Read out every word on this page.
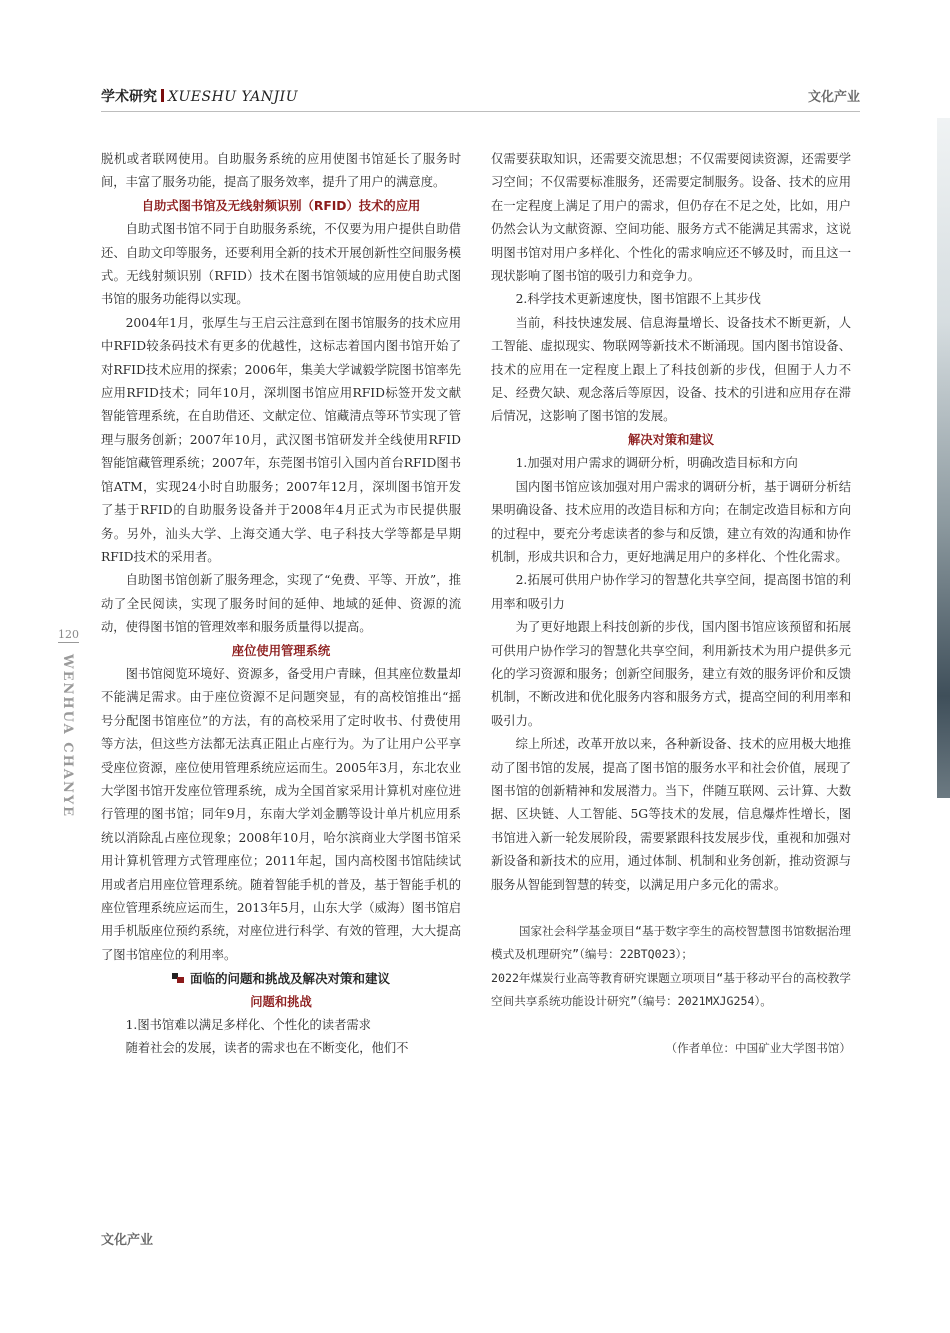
学术研究 XUESHU YANJIU	文化产业
120
WENHUA CHANYE

脱机或者联网使用。自助服务系统的应用使图书馆延长了服务时间，丰富了服务功能，提高了服务效率，提升了用户的满意度。

自助式图书馆及无线射频识别（RFID）技术的应用

自助式图书馆不同于自助服务系统，不仅要为用户提供自助借还、自助文印等服务，还要利用全新的技术开展创新性空间服务模式。无线射频识别（RFID）技术在图书馆领域的应用使自助式图书馆的服务功能得以实现。

2004年1月，张厚生与王启云注意到在图书馆服务的技术应用中RFID较条码技术有更多的优越性，这标志着国内图书馆开始了对RFID技术应用的探索；2006年，集美大学诚毅学院图书馆率先应用RFID技术；同年10月，深圳图书馆应用RFID标签开发文献智能管理系统，在自助借还、文献定位、馆藏清点等环节实现了管理与服务创新；2007年10月，武汉图书馆研发并全线使用RFID智能馆藏管理系统；2007年，东莞图书馆引入国内首台RFID图书馆ATM，实现24小时自助服务；2007年12月，深圳图书馆开发了基于RFID的自助服务设备并于2008年4月正式为市民提供服务。另外，汕头大学、上海交通大学、电子科技大学等都是早期RFID技术的采用者。

自助图书馆创新了服务理念，实现了“免费、平等、开放”，推动了全民阅读，实现了服务时间的延伸、地域的延伸、资源的流动，使得图书馆的管理效率和服务质量得以提高。

座位使用管理系统

图书馆阅览环境好、资源多，备受用户青睐，但其座位数量却不能满足需求。由于座位资源不足问题突显，有的高校馆推出“摇号分配图书馆座位”的方法，有的高校采用了定时收书、付费使用等方法，但这些方法都无法真正阻止占座行为。为了让用户公平享受座位资源，座位使用管理系统应运而生。2005年3月，东北农业大学图书馆开发座位管理系统，成为全国首家采用计算机对座位进行管理的图书馆；同年9月，东南大学刘金鹏等设计单片机应用系统以消除乱占座位现象；2008年10月，哈尔滨商业大学图书馆采用计算机管理方式管理座位；2011年起，国内高校图书馆陆续试用或者启用座位管理系统。随着智能手机的普及，基于智能手机的座位管理系统应运而生，2013年5月，山东大学（威海）图书馆启用手机版座位预约系统，对座位进行科学、有效的管理，大大提高了图书馆座位的利用率。

面临的问题和挑战及解决对策和建议
问题和挑战

1.图书馆难以满足多样化、个性化的读者需求

随着社会的发展，读者的需求也在不断变化，他们不

仅需要获取知识，还需要交流思想；不仅需要阅读资源，还需要学习空间；不仅需要标准服务，还需要定制服务。设备、技术的应用在一定程度上满足了用户的需求，但仍存在不足之处，比如，用户仍然会认为文献资源、空间功能、服务方式不能满足其需求，这说明图书馆对用户多样化、个性化的需求响应还不够及时，而且这一现状影响了图书馆的吸引力和竞争力。

2.科学技术更新速度快，图书馆跟不上其步伐

当前，科技快速发展、信息海量增长、设备技术不断更新，人工智能、虚拟现实、物联网等新技术不断涌现。国内图书馆设备、技术的应用在一定程度上跟上了科技创新的步伐，但囿于人力不足、经费欠缺、观念落后等原因，设备、技术的引进和应用存在滞后情况，这影响了图书馆的发展。

解决对策和建议

1.加强对用户需求的调研分析，明确改造目标和方向

国内图书馆应该加强对用户需求的调研分析，基于调研分析结果明确设备、技术应用的改造目标和方向；在制定改造目标和方向的过程中，要充分考虑读者的参与和反馈，建立有效的沟通和协作机制，形成共识和合力，更好地满足用户的多样化、个性化需求。

2.拓展可供用户协作学习的智慧化共享空间，提高图书馆的利用率和吸引力

为了更好地跟上科技创新的步伐，国内图书馆应该预留和拓展可供用户协作学习的智慧化共享空间，利用新技术为用户提供多元化的学习资源和服务；创新空间服务，建立有效的服务评价和反馈机制，不断改进和优化服务内容和服务方式，提高空间的利用率和吸引力。

综上所述，改革开放以来，各种新设备、技术的应用极大地推动了图书馆的发展，提高了图书馆的服务水平和社会价值，展现了图书馆的创新精神和发展潜力。当下，伴随互联网、云计算、大数据、区块链、人工智能、5G等技术的发展，信息爆炸性增长，图书馆进入新一轮发展阶段，需要紧跟科技发展步伐，重视和加强对新设备和新技术的应用，通过体制、机制和业务创新，推动资源与服务从智能到智慧的转变，以满足用户多元化的需求。

国家社会科学基金项目“基于数字孪生的高校智慧图书馆数据治理模式及机理研究”（编号：22BTQ023）；

2022年煤炭行业高等教育研究课题立项项目“基于移动平台的高校教学空间共享系统功能设计研究”（编号：2021MXJG254）。

（作者单位：中国矿业大学图书馆）
文化产业
